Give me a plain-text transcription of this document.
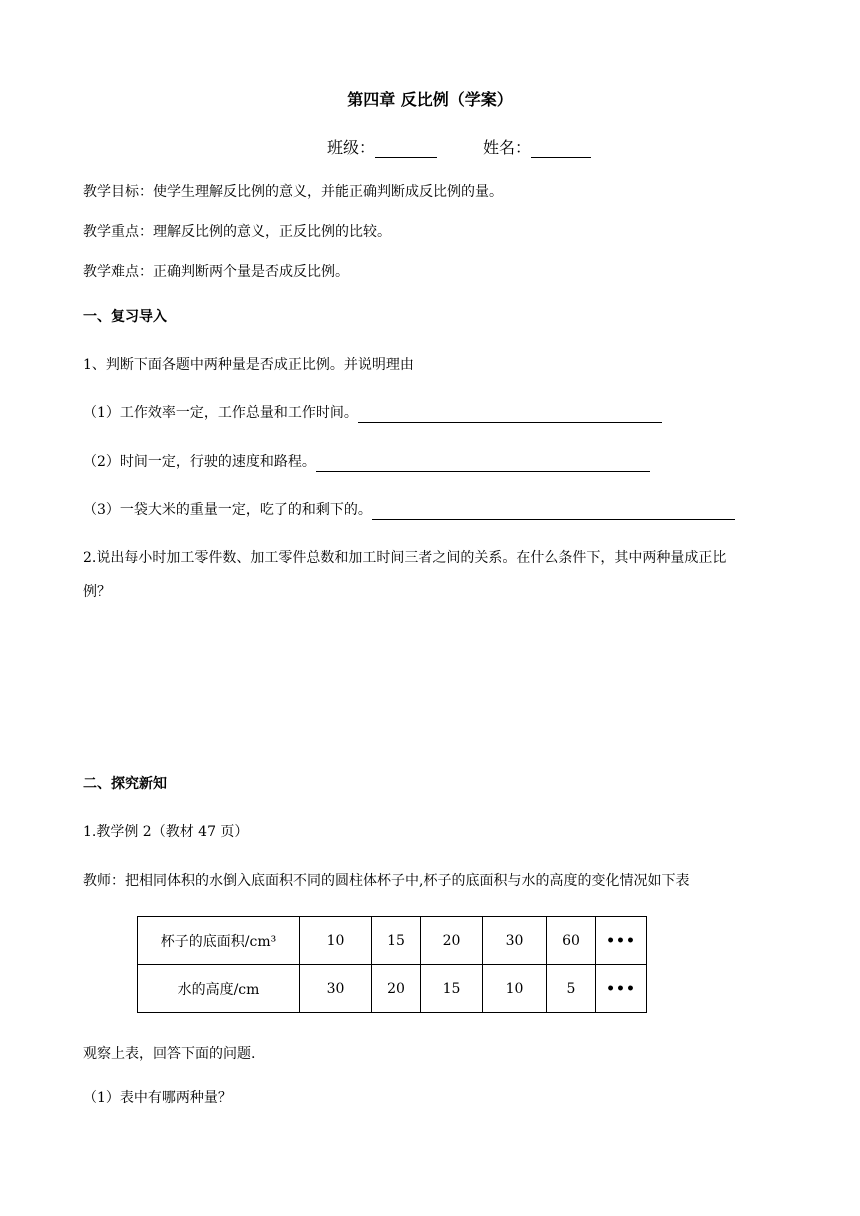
第四章 反比例（学案）
班级：	姓名：
教学目标：使学生理解反比例的意义，并能正确判断成反比例的量。
教学重点：理解反比例的意义，正反比例的比较。
教学难点：正确判断两个量是否成反比例。
一、复习导入
1、判断下面各题中两种量是否成正比例。并说明理由
（1）工作效率一定，工作总量和工作时间。
（2）时间一定，行驶的速度和路程。
（3）一袋大米的重量一定，吃了的和剩下的。
2.说出每小时加工零件数、加工零件总数和加工时间三者之间的关系。在什么条件下，其中两种量成正比
例？
二、探究新知
1.教学例 2（教材 47 页）
教师：把相同体积的水倒入底面积不同的圆柱体杯子中,杯子的底面积与水的高度的变化情况如下表
杯子的底面积/cm³	10	15	20	30	60	•••
水的高度/cm	30	20	15	10	5	•••
观察上表，回答下面的问题.
（1）表中有哪两种量？
